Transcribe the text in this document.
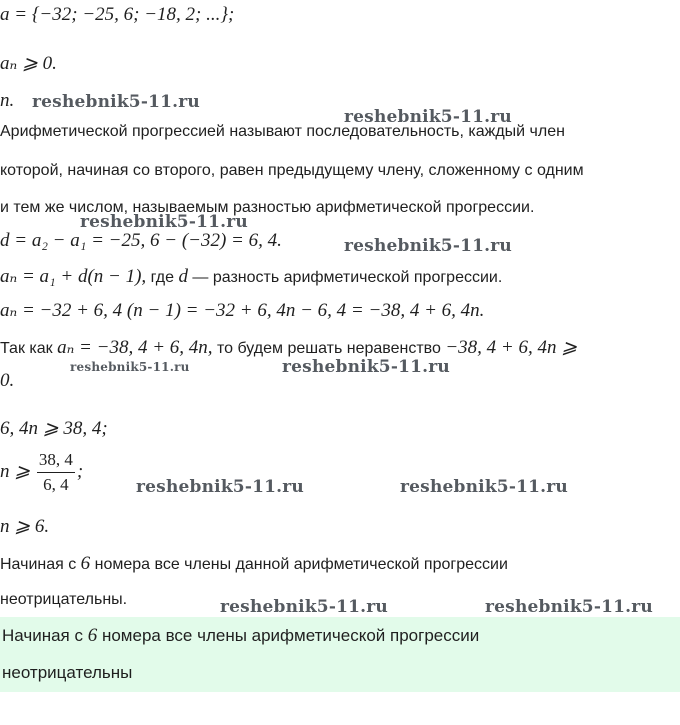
a = {−32; −25, 6; −18, 2; ...};
aₙ ⩾ 0.
n.
Арифметической прогрессией называют последовательность, каждый член
которой, начиная со второго, равен предыдущему члену, сложенному с одним
и тем же числом, называемым разностью арифметической прогрессии.
d = a₂ − a₁ = −25, 6 − (−32) = 6, 4.
aₙ = a₁ + d(n − 1), где d — разность арифметической прогрессии.
aₙ = −32 + 6, 4 (n − 1) = −32 + 6, 4n − 6, 4 = −38, 4 + 6, 4n.
Так как aₙ = −38, 4 + 6, 4n, то будем решать неравенство −38, 4 + 6, 4n ⩾
0.
6, 4n ⩾ 38, 4;
n ⩾ $\frac{38, 4}{6, 4}$ ;
n ⩾ 6.
Начиная с 6 номера все члены данной арифметической прогрессии
неотрицательны.
Начиная с 6 номера все члены арифметической прогрессии
неотрицательны
reshebnik5-11.ru
reshebnik5-11.ru
reshebnik5-11.ru
reshebnik5-11.ru
reshebnik5-11.ru	reshebnik5-11.ru
reshebnik5-11.ru	reshebnik5-11.ru
reshebnik5-11.ru	reshebnik5-11.ru
